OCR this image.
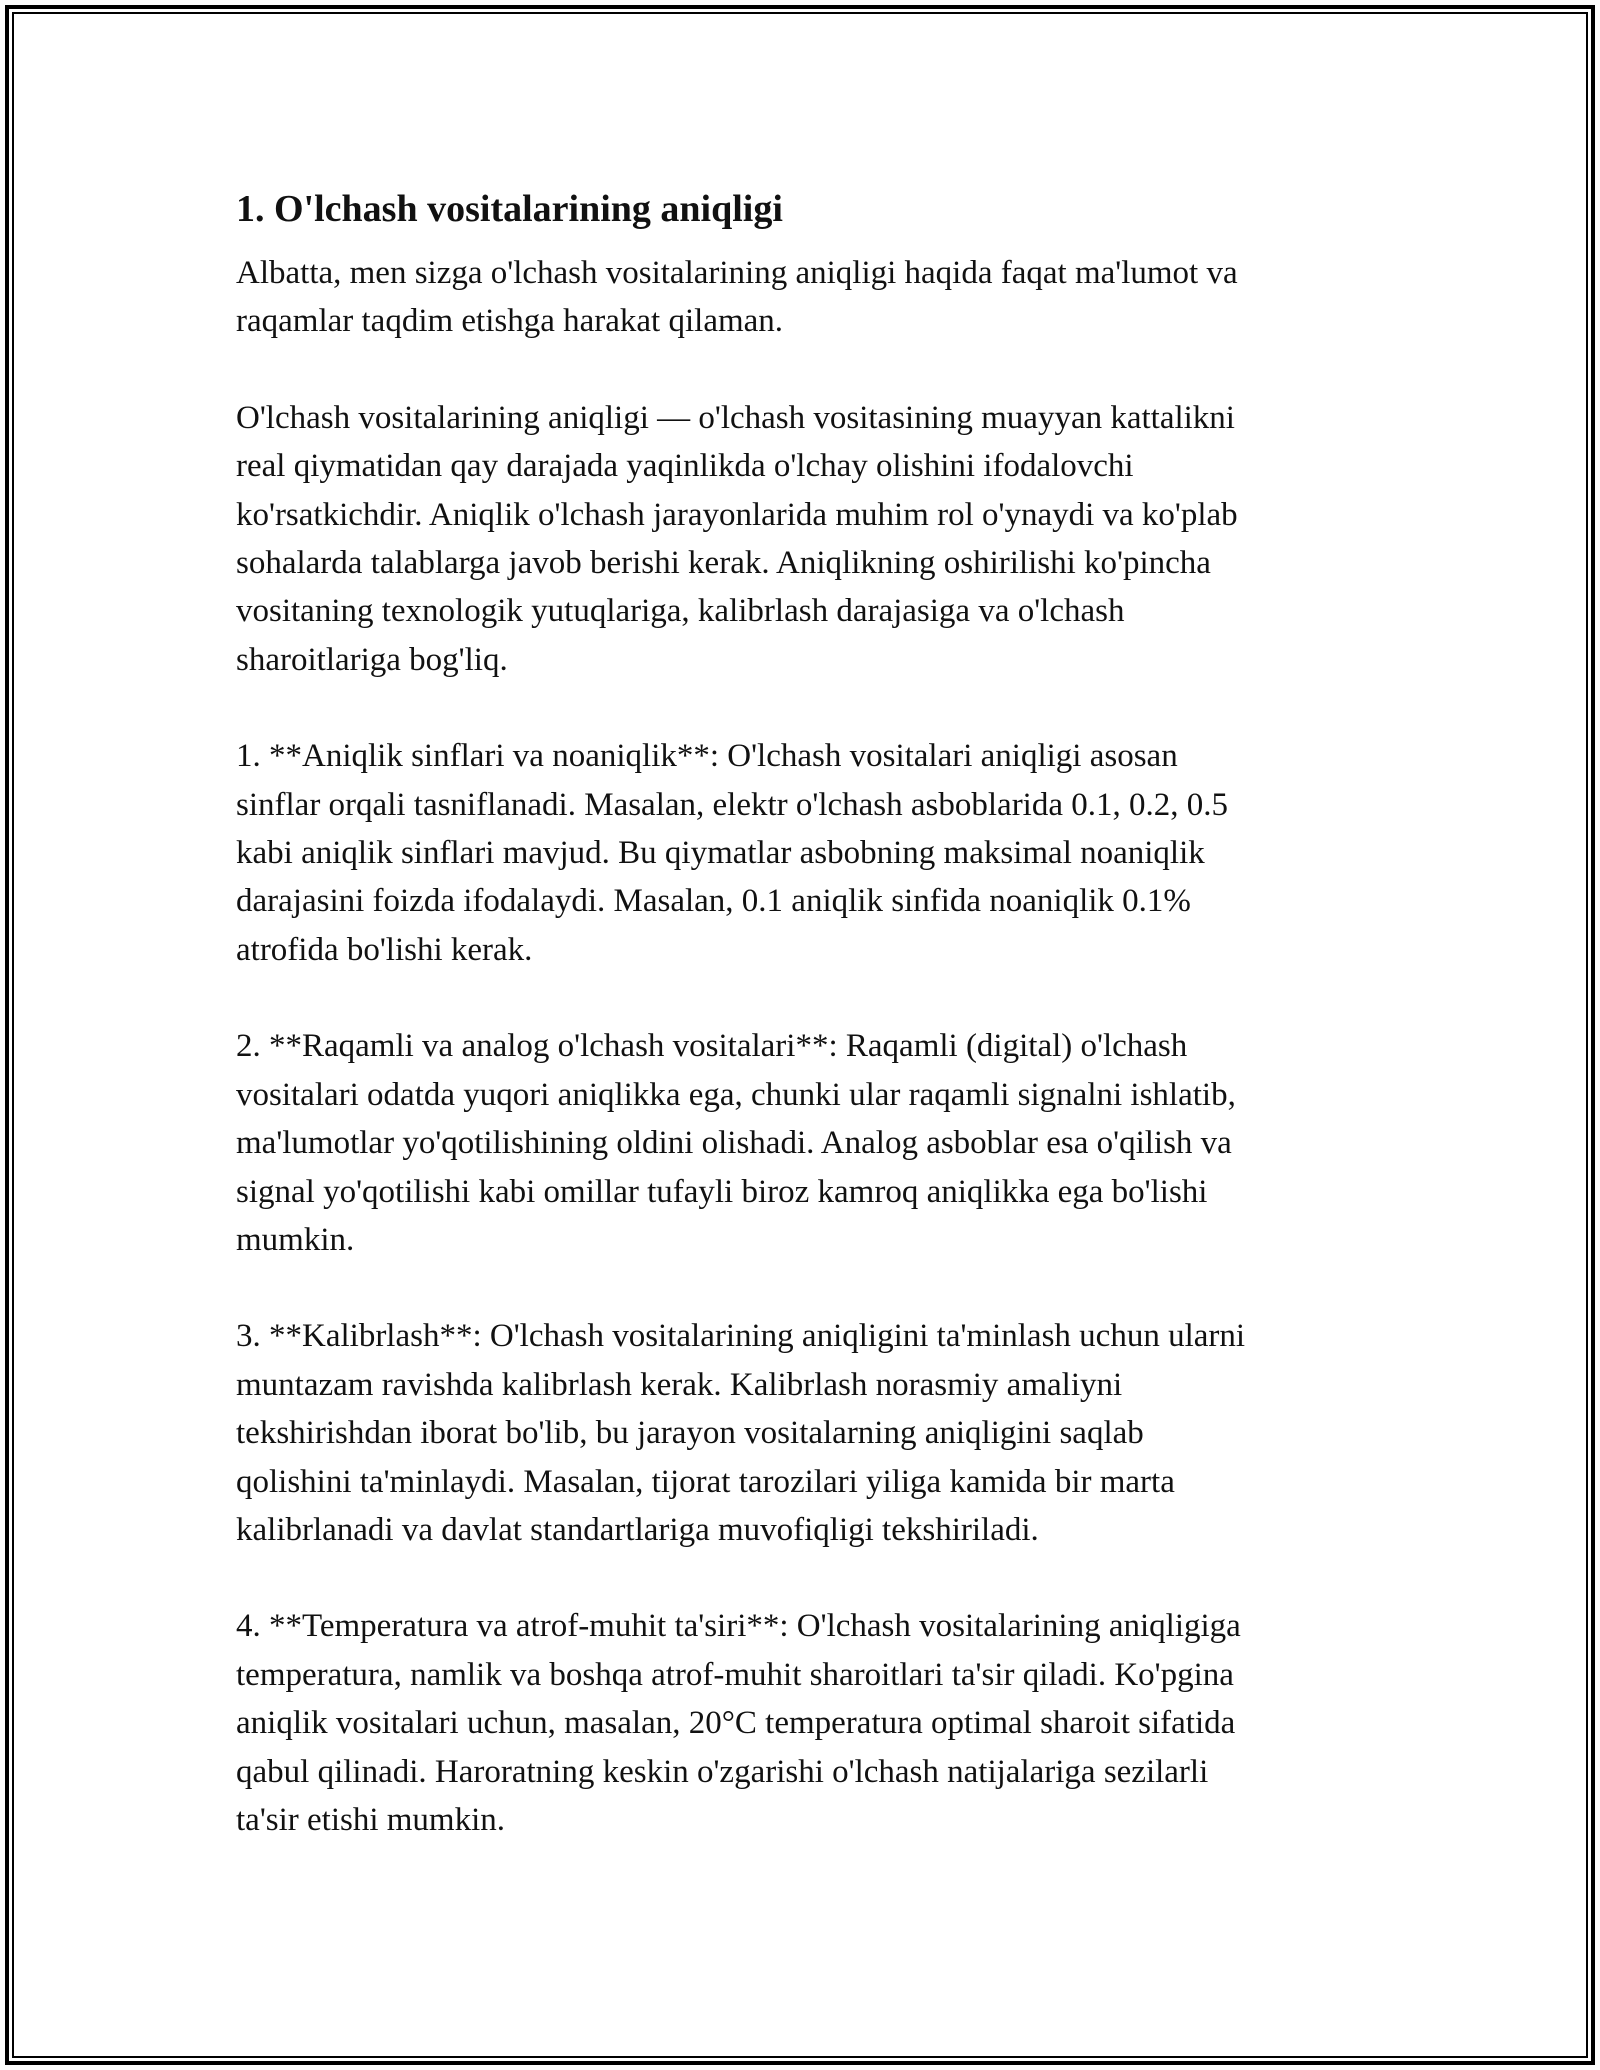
1. O'lchash vositalarining aniqligi
Albatta, men sizga o'lchash vositalarining aniqligi haqida faqat ma'lumot va
raqamlar taqdim etishga harakat qilaman.
O'lchash vositalarining aniqligi — o'lchash vositasining muayyan kattalikni
real qiymatidan qay darajada yaqinlikda o'lchay olishini ifodalovchi
ko'rsatkichdir. Aniqlik o'lchash jarayonlarida muhim rol o'ynaydi va ko'plab
sohalarda talablarga javob berishi kerak. Aniqlikning oshirilishi ko'pincha
vositaning texnologik yutuqlariga, kalibrlash darajasiga va o'lchash
sharoitlariga bog'liq.
1. **Aniqlik sinflari va noaniqlik**: O'lchash vositalari aniqligi asosan
sinflar orqali tasniflanadi. Masalan, elektr o'lchash asboblarida 0.1, 0.2, 0.5
kabi aniqlik sinflari mavjud. Bu qiymatlar asbobning maksimal noaniqlik
darajasini foizda ifodalaydi. Masalan, 0.1 aniqlik sinfida noaniqlik 0.1%
atrofida bo'lishi kerak.
2. **Raqamli va analog o'lchash vositalari**: Raqamli (digital) o'lchash
vositalari odatda yuqori aniqlikka ega, chunki ular raqamli signalni ishlatib,
ma'lumotlar yo'qotilishining oldini olishadi. Analog asboblar esa o'qilish va
signal yo'qotilishi kabi omillar tufayli biroz kamroq aniqlikka ega bo'lishi
mumkin.
3. **Kalibrlash**: O'lchash vositalarining aniqligini ta'minlash uchun ularni
muntazam ravishda kalibrlash kerak. Kalibrlash norasmiy amaliyni
tekshirishdan iborat bo'lib, bu jarayon vositalarning aniqligini saqlab
qolishini ta'minlaydi. Masalan, tijorat tarozilari yiliga kamida bir marta
kalibrlanadi va davlat standartlariga muvofiqligi tekshiriladi.
4. **Temperatura va atrof-muhit ta'siri**: O'lchash vositalarining aniqligiga
temperatura, namlik va boshqa atrof-muhit sharoitlari ta'sir qiladi. Ko'pgina
aniqlik vositalari uchun, masalan, 20°C temperatura optimal sharoit sifatida
qabul qilinadi. Haroratning keskin o'zgarishi o'lchash natijalariga sezilarli
ta'sir etishi mumkin.
